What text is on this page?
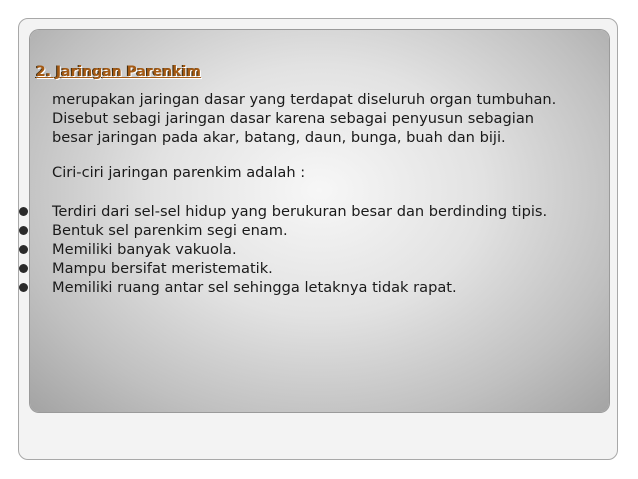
2. Jaringan Parenkim
merupakan jaringan dasar yang terdapat diseluruh organ tumbuhan.
Disebut sebagi jaringan dasar karena sebagai penyusun sebagian
besar jaringan pada akar, batang, daun, bunga, buah dan biji.
Ciri-ciri jaringan parenkim adalah :
Terdiri dari sel-sel hidup yang berukuran besar dan berdinding tipis.
Bentuk sel parenkim segi enam.
Memiliki banyak vakuola.
Mampu bersifat meristematik.
Memiliki ruang antar sel sehingga letaknya tidak rapat.
